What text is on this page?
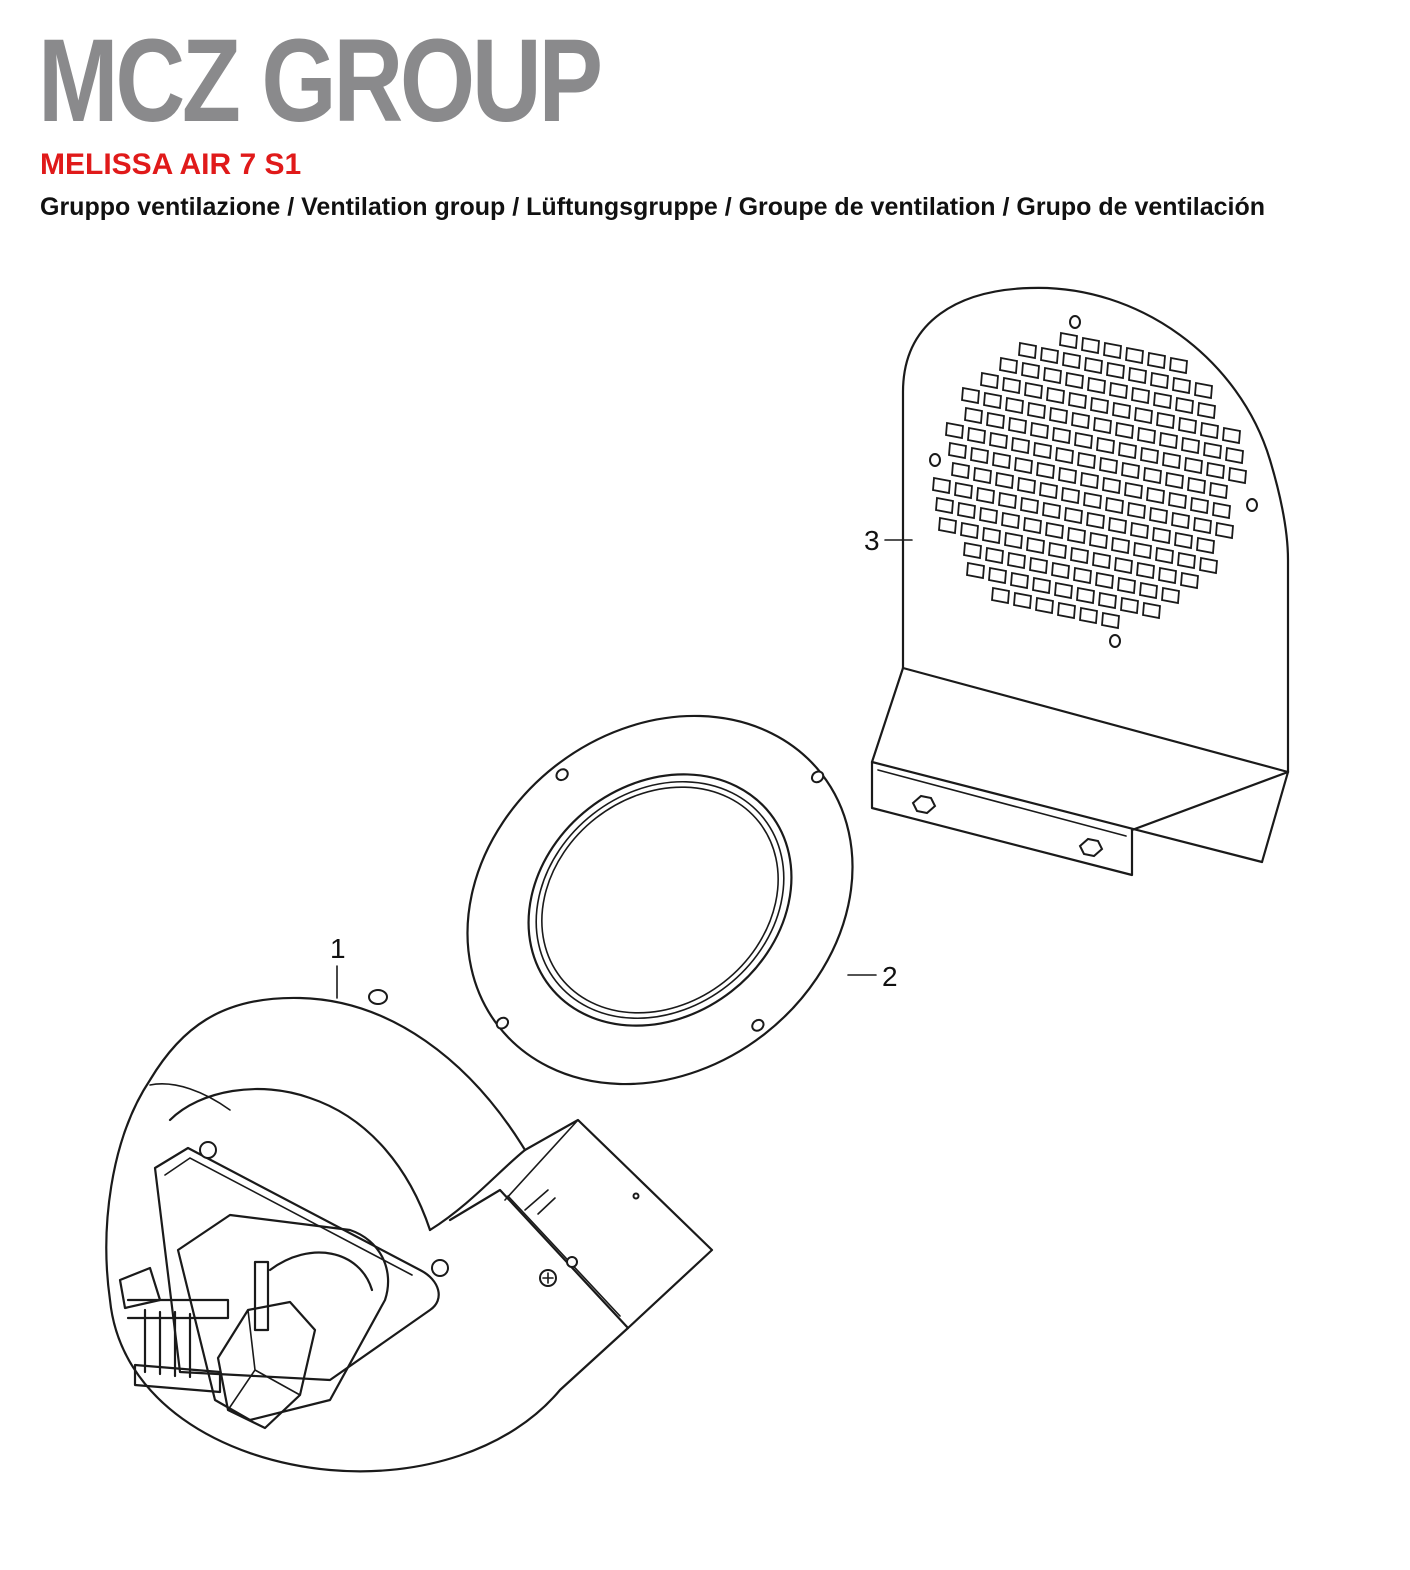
MCZ GROUP
MELISSA AIR 7 S1
Gruppo ventilazione / Ventilation group / Lüftungsgruppe / Groupe de ventilation / Grupo de ventilación
1
2
3
